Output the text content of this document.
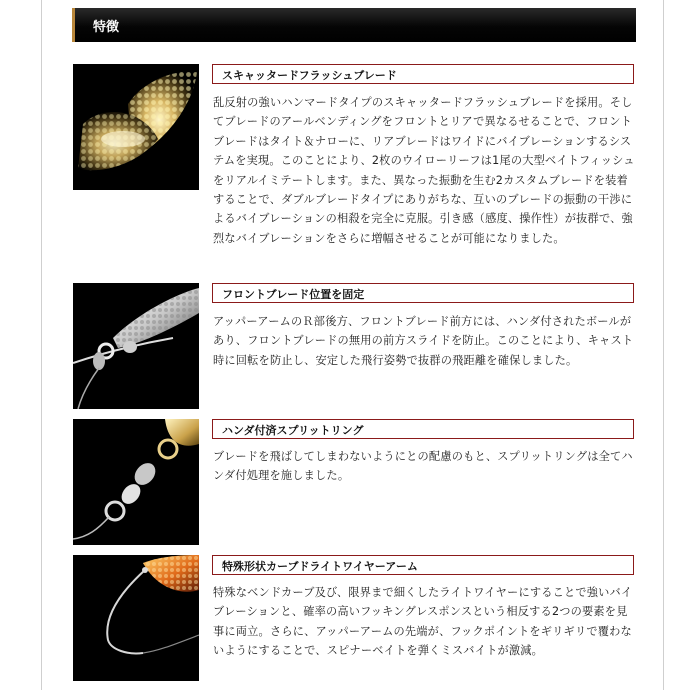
特徴
スキャッタードフラッシュブレード
乱反射の強いハンマードタイプのスキャッタードフラッシュブレードを採用。そしてブレードのアールベンディングをフロントとリアで異なるせることで、フロントブレードはタイト＆ナローに、リアブレードはワイドにバイブレーションするシステムを実現。このことにより、2枚のウイローリーフは1尾の大型ベイトフィッシュをリアルイミテートします。また、異なった振動を生む2カスタムブレードを装着することで、ダブルブレードタイプにありがちな、互いのブレードの振動の干渉によるバイブレーションの相殺を完全に克服。引き感（感度、操作性）が抜群で、強烈なバイブレーションをさらに増幅させることが可能になりました。
フロントブレード位置を固定
アッパーアームのＲ部後方、フロントブレード前方には、ハンダ付されたボールがあり、フロントブレードの無用の前方スライドを防止。このことにより、キャスト時に回転を防止し、安定した飛行姿勢で抜群の飛距離を確保しました。
ハンダ付済スプリットリング
ブレードを飛ばしてしまわないようにとの配慮のもと、スプリットリングは全てハンダ付処理を施しました。
特殊形状カーブドライトワイヤーアーム
特殊なベンドカーブ及び、限界まで細くしたライトワイヤーにすることで強いバイブレーションと、確率の高いフッキングレスポンスという相反する2つの要素を見事に両立。さらに、アッパーアームの先端が、フックポイントをギリギリで覆わないようにすることで、スピナーベイトを弾くミスバイトが激減。
